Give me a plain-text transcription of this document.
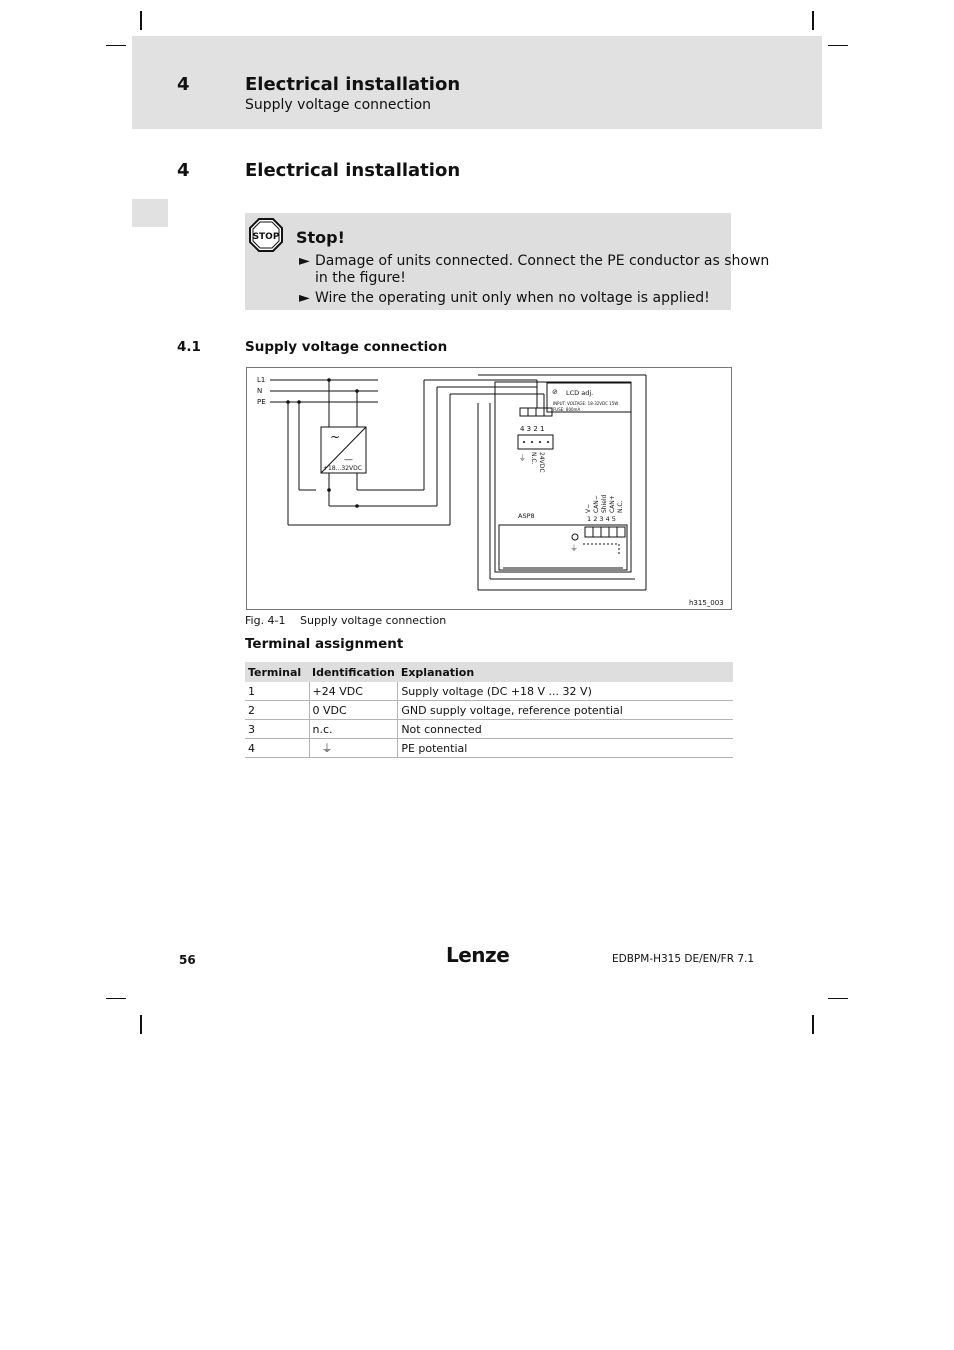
4	Electrical installation
Supply voltage connection
4	Electrical installation
STOP Stop!
► Damage of units connected. Connect the PE conductor as shown
in the figure!
► Wire the operating unit only when no voltage is applied!
4.1	Supply voltage connection
L1
N
PE
~
—
+18...32VDC
LCD adj.
⊘
INPUT: VOLTAGE: 18-32VDC 15W
FUSE: 800mA
4 3 2 1
N.C. 24VDC
⏚
ASP8
V− CAN− Shield CAN+ N.C.
1 2 3 4 5
⏚
h315_003
Fig. 4-1 Supply voltage connection
Terminal assignment
Terminal	Identification	Explanation
1	+24 VDC	Supply voltage (DC +18 V ... 32 V)
2	0 VDC	GND supply voltage, reference potential
3	n.c.	Not connected
4	⏚	PE potential
56	Lenze	EDBPM-H315 DE/EN/FR 7.1
